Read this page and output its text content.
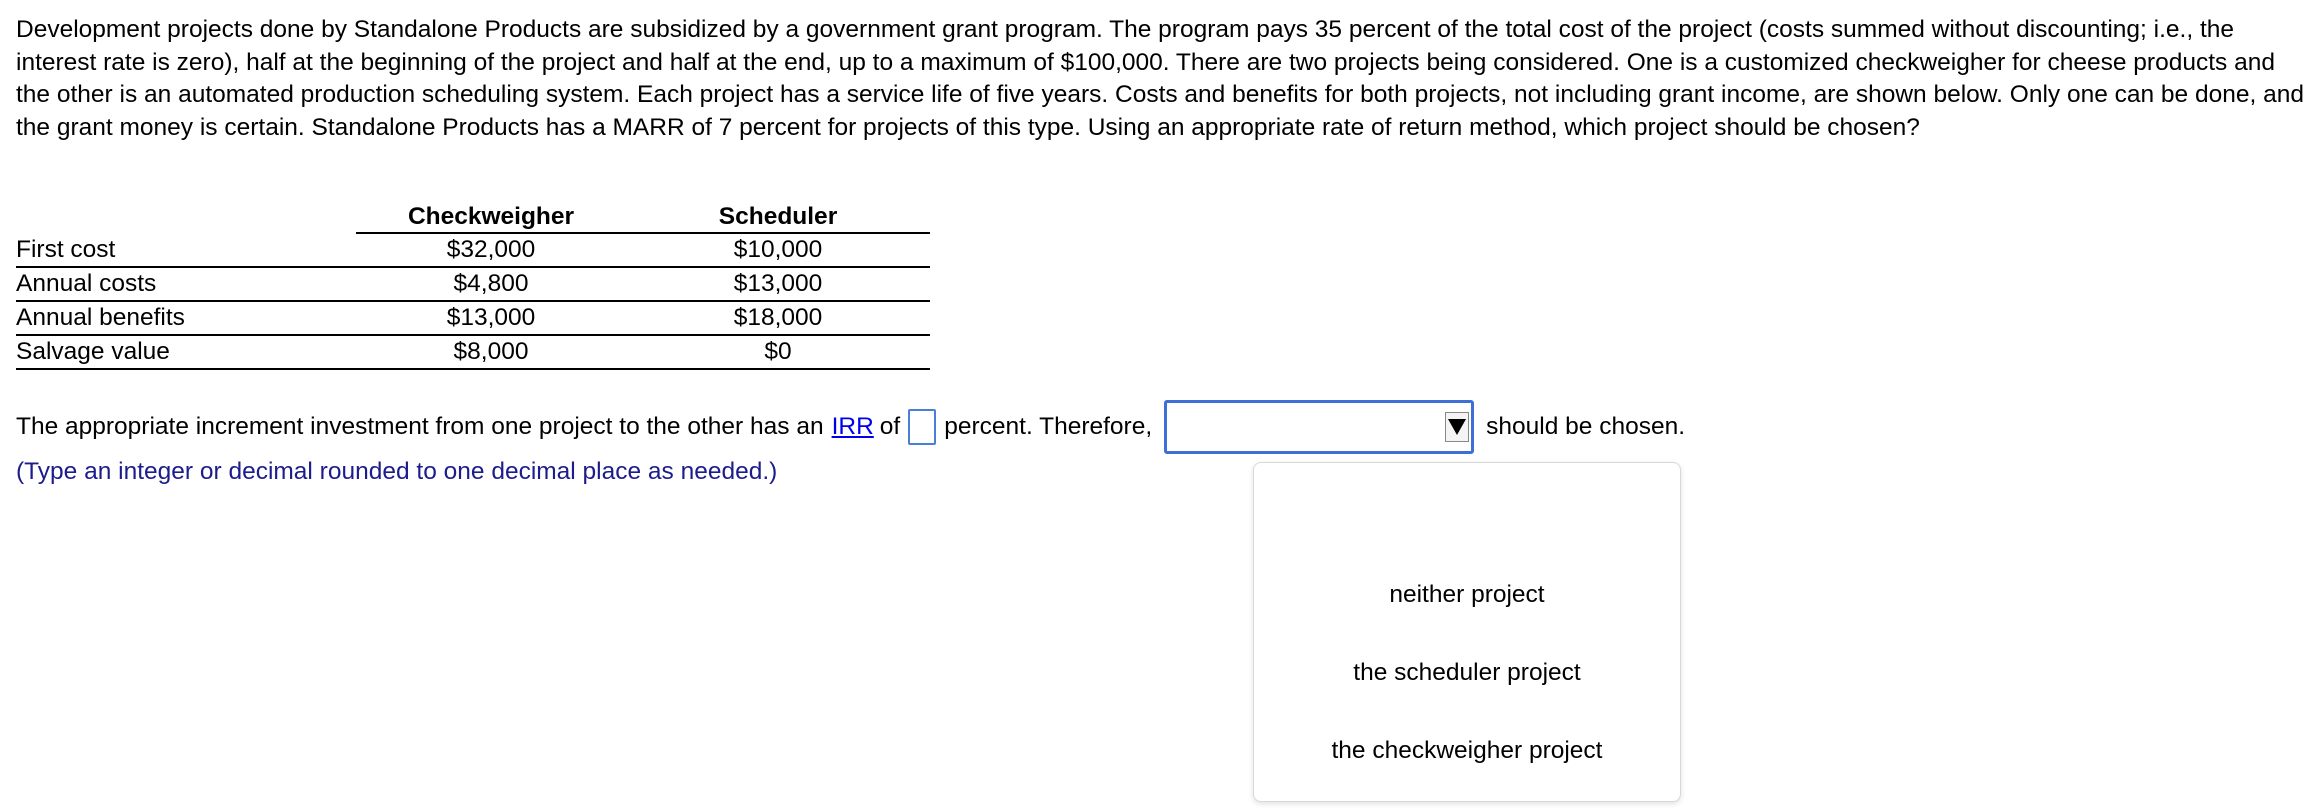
Development projects done by Standalone Products are subsidized by a government grant program. The program pays 35 percent of the total cost of the project (costs summed without discounting; i.e., the interest rate is zero), half at the beginning of the project and half at the end, up to a maximum of $100,000. There are two projects being considered. One is a customized checkweigher for cheese products and the other is an automated production scheduling system. Each project has a service life of five years. Costs and benefits for both projects, not including grant income, are shown below. Only one can be done, and the grant money is certain. Standalone Products has a MARR of 7 percent for projects of this type. Using an appropriate rate of return method, which project should be chosen?

	Checkweigher	Scheduler
First cost	$32,000	$10,000
Annual costs	$4,800	$13,000
Annual benefits	$13,000	$18,000
Salvage value	$8,000	$0
The appropriate increment investment from one project to the other has an IRR of percent. Therefore,	should be chosen.
(Type an integer or decimal rounded to one decimal place as needed.)
neither project
the scheduler project
the checkweigher project
